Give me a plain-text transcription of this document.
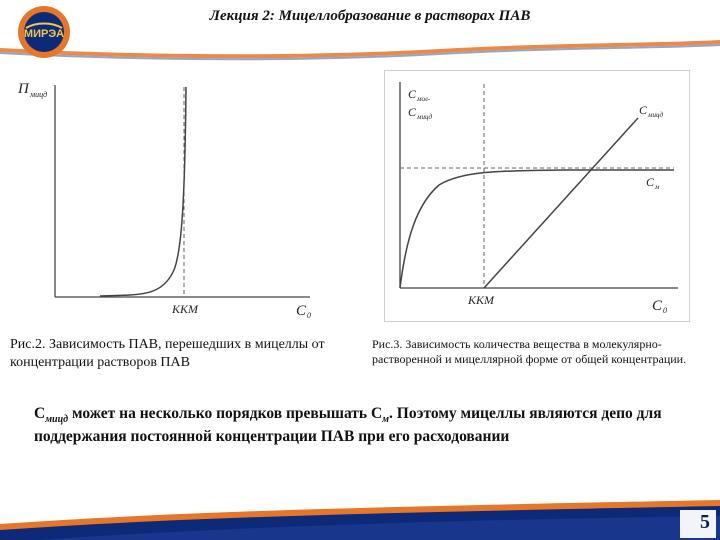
МИРЭА
Лекция 2: Мицеллобразование в растворах ПАВ
П мицд
ККМ	C 0
С мол-
С мицд	С мицд
С м
ККМ	С 0

Рис.2. Зависимость ПАВ, перешедших в мицеллы от концентрации растворов ПАВ

Рис.3. Зависимость количества вещества в молекулярно-растворенной и мицеллярной форме от общей концентрации.

$С_{мицд}$ может на несколько порядков превышать $С_м$. Поэтому мицеллы являются депо для поддержания постоянной концентрации ПАВ при его расходовании

5
